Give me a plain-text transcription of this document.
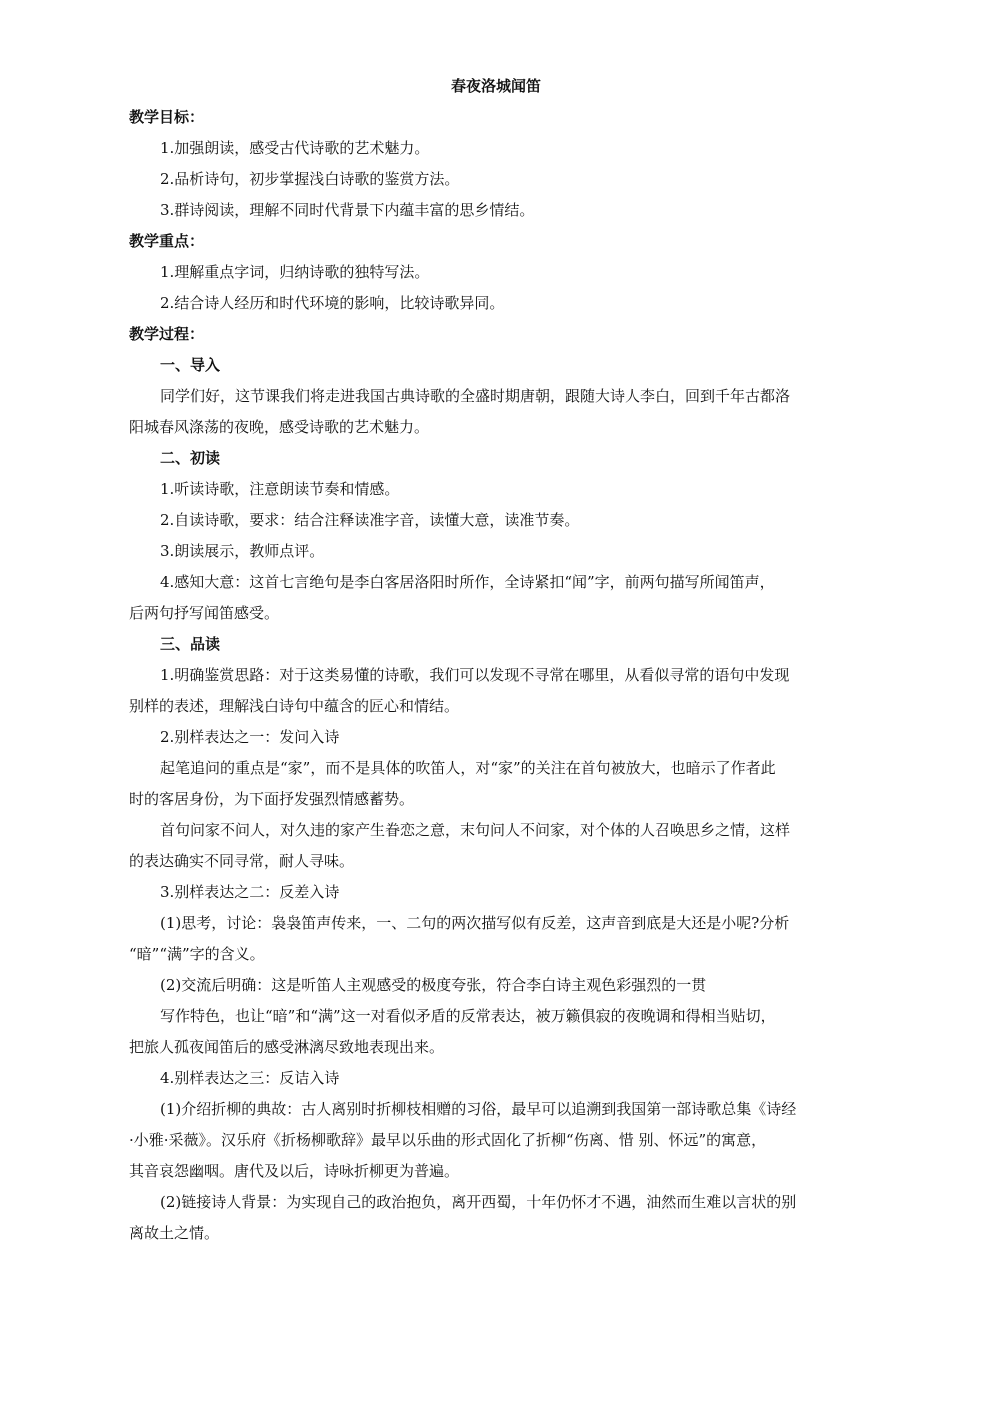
春夜洛城闻笛
教学目标：
1.加强朗读，感受古代诗歌的艺术魅力。
2.品析诗句，初步掌握浅白诗歌的鉴赏方法。
3.群诗阅读，理解不同时代背景下内蕴丰富的思乡情结。
教学重点：
1.理解重点字词，归纳诗歌的独特写法。
2.结合诗人经历和时代环境的影响，比较诗歌异同。
教学过程：
一、导入
同学们好，这节课我们将走进我国古典诗歌的全盛时期唐朝，跟随大诗人李白，回到千年古都洛
阳城春风涤荡的夜晚，感受诗歌的艺术魅力。
二、初读
1.听读诗歌，注意朗读节奏和情感。
2.自读诗歌，要求：结合注释读准字音，读懂大意，读准节奏。
3.朗读展示，教师点评。
4.感知大意：这首七言绝句是李白客居洛阳时所作，全诗紧扣“闻”字，前两句描写所闻笛声，
后两句抒写闻笛感受。
三、品读
1.明确鉴赏思路：对于这类易懂的诗歌，我们可以发现不寻常在哪里，从看似寻常的语句中发现
别样的表述，理解浅白诗句中蕴含的匠心和情结。
2.别样表达之一：发问入诗
起笔追问的重点是“家”，而不是具体的吹笛人，对“家”的关注在首句被放大，也暗示了作者此
时的客居身份，为下面抒发强烈情感蓄势。
首句问家不问人，对久违的家产生眷恋之意，末句问人不问家，对个体的人召唤思乡之情，这样
的表达确实不同寻常，耐人寻味。
3.别样表达之二：反差入诗
(1)思考，讨论：袅袅笛声传来，一、二句的两次描写似有反差，这声音到底是大还是小呢?分析
“暗”“满”字的含义。
(2)交流后明确：这是听笛人主观感受的极度夸张，符合李白诗主观色彩强烈的一贯
写作特色，也让“暗”和“满”这一对看似矛盾的反常表达，被万籁俱寂的夜晚调和得相当贴切，
把旅人孤夜闻笛后的感受淋漓尽致地表现出来。
4.别样表达之三：反诘入诗
(1)介绍折柳的典故：古人离别时折柳枝相赠的习俗，最早可以追溯到我国第一部诗歌总集《诗经
·小雅·采薇》。汉乐府《折杨柳歌辞》最早以乐曲的形式固化了折柳“伤离、惜 别、怀远”的寓意，
其音哀怨幽咽。唐代及以后，诗咏折柳更为普遍。
(2)链接诗人背景：为实现自己的政治抱负，离开西蜀，十年仍怀才不遇，油然而生难以言状的别
离故土之情。
